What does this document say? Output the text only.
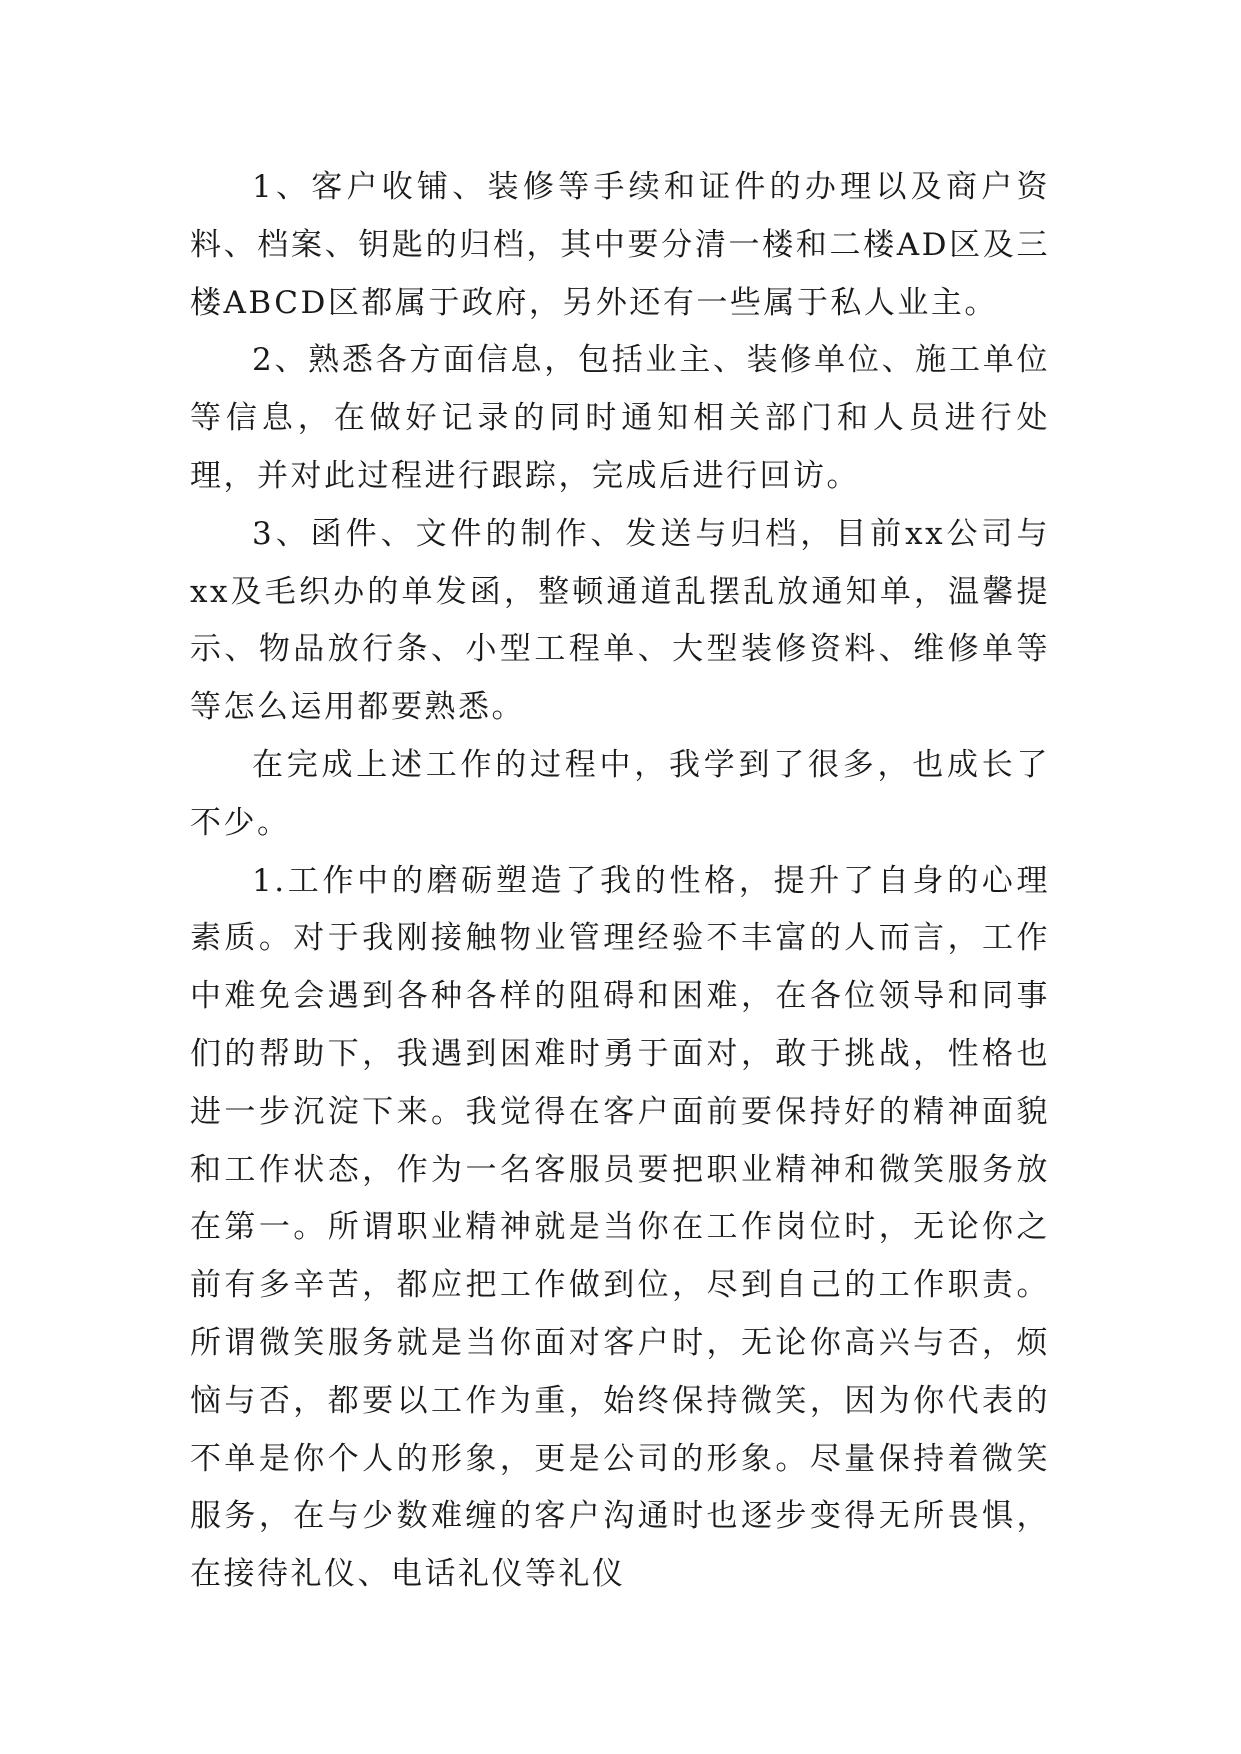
1、客户收铺、装修等手续和证件的办理以及商户资料、档案、钥匙的归档，其中要分清一楼和二楼AD区及三楼ABCD区都属于政府，另外还有一些属于私人业主。

2、熟悉各方面信息，包括业主、装修单位、施工单位等信息，在做好记录的同时通知相关部门和人员进行处理，并对此过程进行跟踪，完成后进行回访。

3、函件、文件的制作、发送与归档，目前xx公司与xx及毛织办的单发函，整顿通道乱摆乱放通知单，温馨提示、物品放行条、小型工程单、大型装修资料、维修单等等怎么运用都要熟悉。

在完成上述工作的过程中，我学到了很多，也成长了不少。

1.工作中的磨砺塑造了我的性格，提升了自身的心理素质。对于我刚接触物业管理经验不丰富的人而言，工作中难免会遇到各种各样的阻碍和困难，在各位领导和同事们的帮助下，我遇到困难时勇于面对，敢于挑战，性格也进一步沉淀下来。我觉得在客户面前要保持好的精神面貌和工作状态，作为一名客服员要把职业精神和微笑服务放在第一。所谓职业精神就是当你在工作岗位时，无论你之前有多辛苦，都应把工作做到位，尽到自己的工作职责。所谓微笑服务就是当你面对客户时，无论你高兴与否，烦恼与否，都要以工作为重，始终保持微笑，因为你代表的不单是你个人的形象，更是公司的形象。尽量保持着微笑服务，在与少数难缠的客户沟通时也逐步变得无所畏惧，在接待礼仪、电话礼仪等礼仪
